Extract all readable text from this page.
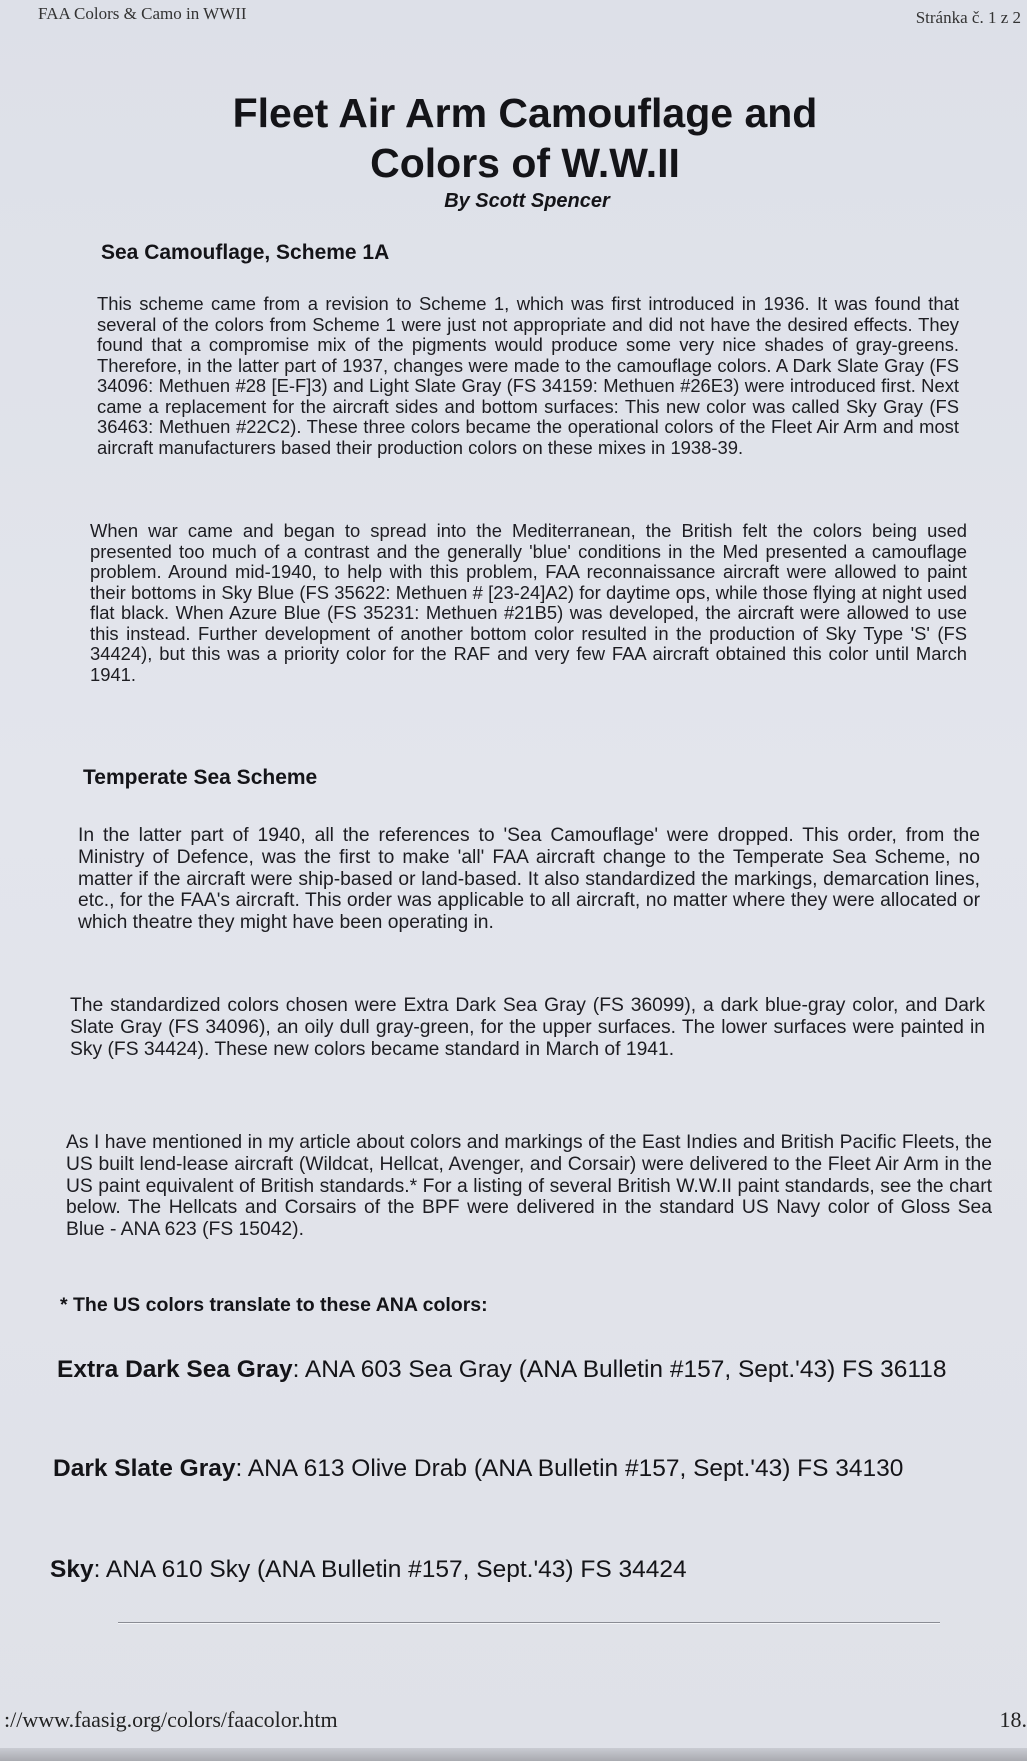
FAA Colors & Camo in WWII	Stránka č. 1 z 2
Fleet Air Arm Camouflage and
Colors of W.W.II
By Scott Spencer
Sea Camouflage, Scheme 1A
This scheme came from a revision to Scheme 1, which was first introduced in 1936. It was found that several of the colors from Scheme 1 were just not appropriate and did not have the desired effects. They found that a compromise mix of the pigments would produce some very nice shades of gray-greens. Therefore, in the latter part of 1937, changes were made to the camouflage colors. A Dark Slate Gray (FS 34096: Methuen #28 [E-F]3) and Light Slate Gray (FS 34159: Methuen #26E3) were introduced first. Next came a replacement for the aircraft sides and bottom surfaces: This new color was called Sky Gray (FS 36463: Methuen #22C2). These three colors became the operational colors of the Fleet Air Arm and most aircraft manufacturers based their production colors on these mixes in 1938-39.
When war came and began to spread into the Mediterranean, the British felt the colors being used presented too much of a contrast and the generally 'blue' conditions in the Med presented a camouflage problem. Around mid-1940, to help with this problem, FAA reconnaissance aircraft were allowed to paint their bottoms in Sky Blue (FS 35622: Methuen # [23-24]A2) for daytime ops, while those flying at night used flat black. When Azure Blue (FS 35231: Methuen #21B5) was developed, the aircraft were allowed to use this instead. Further development of another bottom color resulted in the production of Sky Type 'S' (FS 34424), but this was a priority color for the RAF and very few FAA aircraft obtained this color until March 1941.
Temperate Sea Scheme
In the latter part of 1940, all the references to 'Sea Camouflage' were dropped. This order, from the Ministry of Defence, was the first to make 'all' FAA aircraft change to the Temperate Sea Scheme, no matter if the aircraft were ship-based or land-based. It also standardized the markings, demarcation lines, etc., for the FAA's aircraft. This order was applicable to all aircraft, no matter where they were allocated or which theatre they might have been operating in.
The standardized colors chosen were Extra Dark Sea Gray (FS 36099), a dark blue-gray color, and Dark Slate Gray (FS 34096), an oily dull gray-green, for the upper surfaces. The lower surfaces were painted in Sky (FS 34424). These new colors became standard in March of 1941.
As I have mentioned in my article about colors and markings of the East Indies and British Pacific Fleets, the US built lend-lease aircraft (Wildcat, Hellcat, Avenger, and Corsair) were delivered to the Fleet Air Arm in the US paint equivalent of British standards.* For a listing of several British W.W.II paint standards, see the chart below. The Hellcats and Corsairs of the BPF were delivered in the standard US Navy color of Gloss Sea Blue - ANA 623 (FS 15042).
* The US colors translate to these ANA colors:
Extra Dark Sea Gray: ANA 603 Sea Gray (ANA Bulletin #157, Sept.'43) FS 36118
Dark Slate Gray: ANA 613 Olive Drab (ANA Bulletin #157, Sept.'43) FS 34130
Sky: ANA 610 Sky (ANA Bulletin #157, Sept.'43) FS 34424
://www.faasig.org/colors/faacolor.htm	18.
